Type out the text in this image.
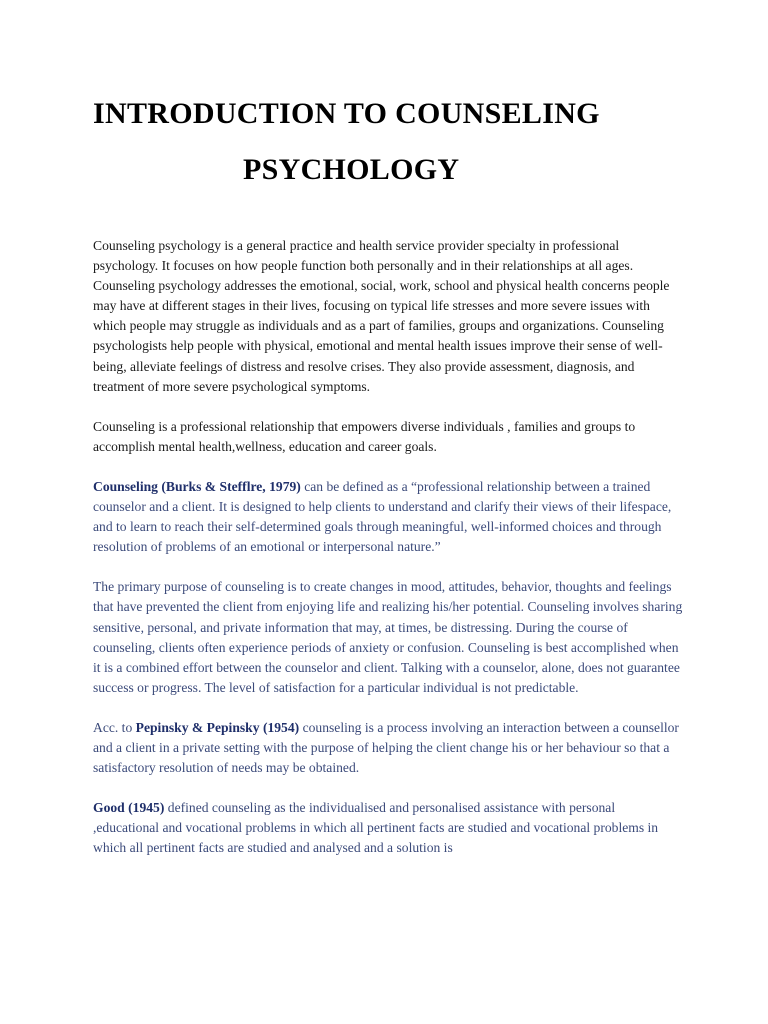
INTRODUCTION TO COUNSELING
PSYCHOLOGY

Counseling psychology is a general practice and health service provider specialty in professional psychology. It focuses on how people function both personally and in their relationships at all ages. Counseling psychology addresses the emotional, social, work, school and physical health concerns people may have at different stages in their lives, focusing on typical life stresses and more severe issues with which people may struggle as individuals and as a part of families, groups and organizations. Counseling psychologists help people with physical, emotional and mental health issues improve their sense of well-being, alleviate feelings of distress and resolve crises. They also provide assessment, diagnosis, and treatment of more severe psychological symptoms.

Counseling is a professional relationship that empowers diverse individuals , families and groups to accomplish mental health,wellness, education and career goals.

Counseling (Burks & Stefflre, 1979) can be defined as a “professional relationship between a trained counselor and a client. It is designed to help clients to understand and clarify their views of their lifespace, and to learn to reach their self-determined goals through meaningful, well-informed choices and through resolution of problems of an emotional or interpersonal nature.”

The primary purpose of counseling is to create changes in mood, attitudes, behavior, thoughts and feelings that have prevented the client from enjoying life and realizing his/her potential. Counseling involves sharing sensitive, personal, and private information that may, at times, be distressing. During the course of counseling, clients often experience periods of anxiety or confusion. Counseling is best accomplished when it is a combined effort between the counselor and client. Talking with a counselor, alone, does not guarantee success or progress. The level of satisfaction for a particular individual is not predictable.

Acc. to Pepinsky & Pepinsky (1954) counseling is a process involving an interaction between a counsellor and a client in a private setting with the purpose of helping the client change his or her behaviour so that a satisfactory resolution of needs may be obtained.

Good (1945) defined counseling as the individualised and personalised assistance with personal ,educational and vocational problems in which all pertinent facts are studied and vocational problems in which all pertinent facts are studied and analysed and a solution is
